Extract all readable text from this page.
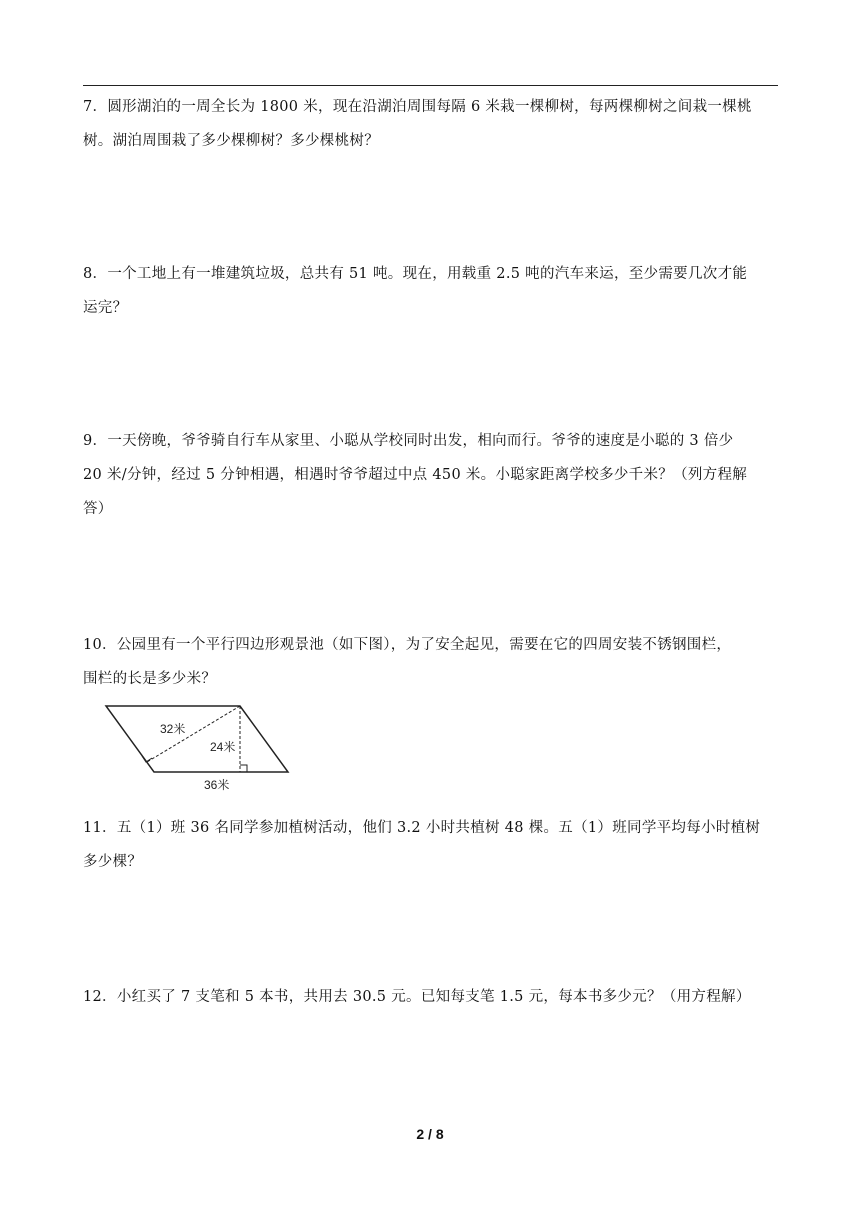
7．圆形湖泊的一周全长为 1800 米，现在沿湖泊周围每隔 6 米栽一棵柳树，每两棵柳树之间栽一棵桃
树。湖泊周围栽了多少棵柳树？多少棵桃树？
8．一个工地上有一堆建筑垃圾，总共有 51 吨。现在，用载重 2.5 吨的汽车来运，至少需要几次才能
运完？
9．一天傍晚，爷爷骑自行车从家里、小聪从学校同时出发，相向而行。爷爷的速度是小聪的 3 倍少
20 米/分钟，经过 5 分钟相遇，相遇时爷爷超过中点 450 米。小聪家距离学校多少千米？（列方程解
答）
10．公园里有一个平行四边形观景池（如下图），为了安全起见，需要在它的四周安装不锈钢围栏，
围栏的长是多少米？
32米
24米
36米
11．五（1）班 36 名同学参加植树活动，他们 3.2 小时共植树 48 棵。五（1）班同学平均每小时植树
多少棵？
12．小红买了 7 支笔和 5 本书，共用去 30.5 元。已知每支笔 1.5 元，每本书多少元？（用方程解）
2 / 8
